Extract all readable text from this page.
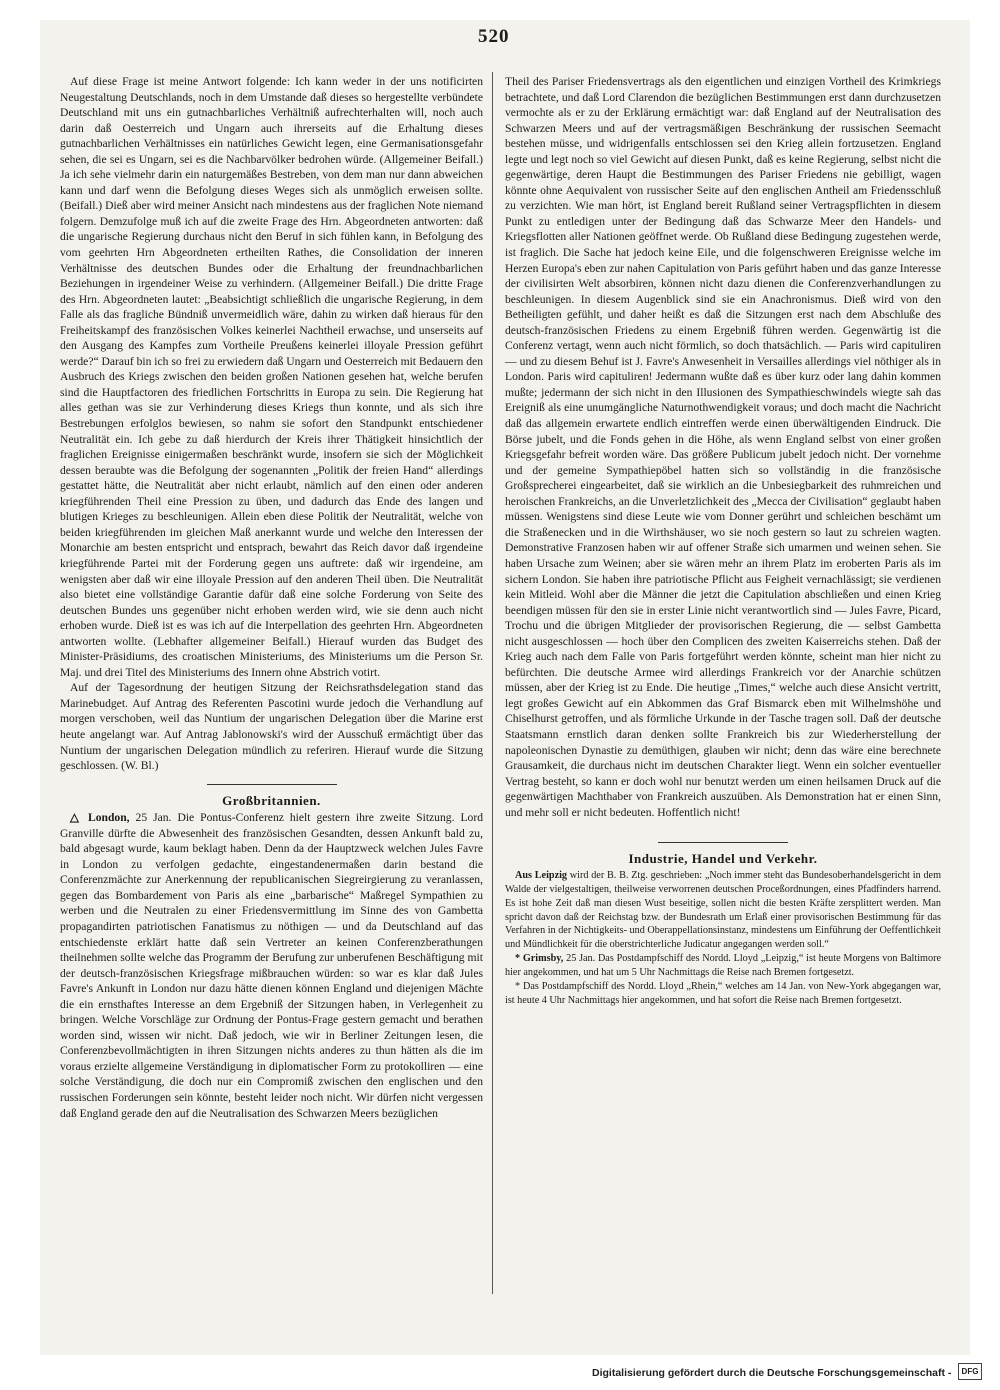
520

Auf diese Frage ist meine Antwort folgende: Ich kann weder in der uns notificirten Neugestaltung Deutschlands, noch in dem Umstande daß dieses so hergestellte verbündete Deutschland mit uns ein gutnachbarliches Verhältniß aufrechterhalten will, noch auch darin daß Oesterreich und Ungarn auch ihrerseits auf die Erhaltung dieses gutnachbarlichen Verhältnisses ein natürliches Gewicht legen, eine Germanisationsgefahr sehen, die sei es Ungarn, sei es die Nachbarvölker bedrohen würde. (Allgemeiner Beifall.) Ja ich sehe vielmehr darin ein naturgemäßes Bestreben, von dem man nur dann abweichen kann und darf wenn die Befolgung dieses Weges sich als unmöglich erweisen sollte. (Beifall.) Dieß aber wird meiner Ansicht nach mindestens aus der fraglichen Note niemand folgern. Demzufolge muß ich auf die zweite Frage des Hrn. Abgeordneten antworten: daß die ungarische Regierung durchaus nicht den Beruf in sich fühlen kann, in Befolgung des vom geehrten Hrn Abgeordneten ertheilten Rathes, die Consolidation der inneren Verhältnisse des deutschen Bundes oder die Erhaltung der freundnachbarlichen Beziehungen in irgendeiner Weise zu verhindern. (Allgemeiner Beifall.) Die dritte Frage des Hrn. Abgeordneten lautet: „Beabsichtigt schließlich die ungarische Regierung, in dem Falle als das fragliche Bündniß unvermeidlich wäre, dahin zu wirken daß hieraus für den Freiheitskampf des französischen Volkes keinerlei Nachtheil erwachse, und unserseits auf den Ausgang des Kampfes zum Vortheile Preußens keinerlei illoyale Pression geführt werde?“ Darauf bin ich so frei zu erwiedern daß Ungarn und Oesterreich mit Bedauern den Ausbruch des Kriegs zwischen den beiden großen Nationen gesehen hat, welche berufen sind die Hauptfactoren des friedlichen Fortschritts in Europa zu sein. Die Regierung hat alles gethan was sie zur Verhinderung dieses Kriegs thun konnte, und als sich ihre Bestrebungen erfolglos bewiesen, so nahm sie sofort den Standpunkt entschiedener Neutralität ein. Ich gebe zu daß hierdurch der Kreis ihrer Thätigkeit hinsichtlich der fraglichen Ereignisse einigermaßen beschränkt wurde, insofern sie sich der Möglichkeit dessen beraubte was die Befolgung der sogenannten „Politik der freien Hand“ allerdings gestattet hätte, die Neutralität aber nicht erlaubt, nämlich auf den einen oder anderen kriegführenden Theil eine Pression zu üben, und dadurch das Ende des langen und blutigen Krieges zu beschleunigen. Allein eben diese Politik der Neutralität, welche von beiden kriegführenden im gleichen Maß anerkannt wurde und welche den Interessen der Monarchie am besten entspricht und entsprach, bewahrt das Reich davor daß irgendeine kriegführende Partei mit der Forderung gegen uns auftrete: daß wir irgendeine, am wenigsten aber daß wir eine illoyale Pression auf den anderen Theil üben. Die Neutralität also bietet eine vollständige Garantie dafür daß eine solche Forderung von Seite des deutschen Bundes uns gegenüber nicht erhoben werden wird, wie sie denn auch nicht erhoben wurde. Dieß ist es was ich auf die Interpellation des geehrten Hrn. Abgeordneten antworten wollte. (Lebhafter allgemeiner Beifall.) Hierauf wurden das Budget des Minister-Präsidiums, des croatischen Ministeriums, des Ministeriums um die Person Sr. Maj. und drei Titel des Ministeriums des Innern ohne Abstrich votirt.

Auf der Tagesordnung der heutigen Sitzung der Reichsrathsdelegation stand das Marinebudget. Auf Antrag des Referenten Pascotini wurde jedoch die Verhandlung auf morgen verschoben, weil das Nuntium der ungarischen Delegation über die Marine erst heute angelangt war. Auf Antrag Jablonowski's wird der Ausschuß ermächtigt über das Nuntium der ungarischen Delegation mündlich zu referiren. Hierauf wurde die Sitzung geschlossen. (W. Bl.)

Großbritannien.

△ London, 25 Jan. Die Pontus-Conferenz hielt gestern ihre zweite Sitzung. Lord Granville dürfte die Abwesenheit des französischen Gesandten, dessen Ankunft bald zu, bald abgesagt wurde, kaum beklagt haben. Denn da der Hauptzweck welchen Jules Favre in London zu verfolgen gedachte, eingestandenermaßen darin bestand die Conferenzmächte zur Anerkennung der republicanischen Siegreirgierung zu veranlassen, gegen das Bombardement von Paris als eine „barbarische“ Maßregel Sympathien zu werben und die Neutralen zu einer Friedensvermittlung im Sinne des von Gambetta propagandirten patriotischen Fanatismus zu nöthigen — und da Deutschland auf das entschiedenste erklärt hatte daß sein Vertreter an keinen Conferenzberathungen theilnehmen sollte welche das Programm der Berufung zur unberufenen Beschäftigung mit der deutsch-französischen Kriegsfrage mißbrauchen würden: so war es klar daß Jules Favre's Ankunft in London nur dazu hätte dienen können England und diejenigen Mächte die ein ernsthaftes Interesse an dem Ergebniß der Sitzungen haben, in Verlegenheit zu bringen. Welche Vorschläge zur Ordnung der Pontus-Frage gestern gemacht und berathen worden sind, wissen wir nicht. Daß jedoch, wie wir in Berliner Zeitungen lesen, die Conferenzbevollmächtigten in ihren Sitzungen nichts anderes zu thun hätten als die im voraus erzielte allgemeine Verständigung in diplomatischer Form zu protokolliren — eine solche Verständigung, die doch nur ein Compromiß zwischen den englischen und den russischen Forderungen sein könnte, besteht leider noch nicht. Wir dürfen nicht vergessen daß England gerade den auf die Neutralisation des Schwarzen Meers bezüglichen

Theil des Pariser Friedensvertrags als den eigentlichen und einzigen Vortheil des Krimkriegs betrachtete, und daß Lord Clarendon die bezüglichen Bestimmungen erst dann durchzusetzen vermochte als er zu der Erklärung ermächtigt war: daß England auf der Neutralisation des Schwarzen Meers und auf der vertragsmäßigen Beschränkung der russischen Seemacht bestehen müsse, und widrigenfalls entschlossen sei den Krieg allein fortzusetzen. England legte und legt noch so viel Gewicht auf diesen Punkt, daß es keine Regierung, selbst nicht die gegenwärtige, deren Haupt die Bestimmungen des Pariser Friedens nie gebilligt, wagen könnte ohne Aequivalent von russischer Seite auf den englischen Antheil am Friedensschluß zu verzichten. Wie man hört, ist England bereit Rußland seiner Vertragspflichten in diesem Punkt zu entledigen unter der Bedingung daß das Schwarze Meer den Handels- und Kriegsflotten aller Nationen geöffnet werde. Ob Rußland diese Bedingung zugestehen werde, ist fraglich. Die Sache hat jedoch keine Eile, und die folgenschweren Ereignisse welche im Herzen Europa's eben zur nahen Capitulation von Paris geführt haben und das ganze Interesse der civilisirten Welt absorbiren, können nicht dazu dienen die Conferenzverhandlungen zu beschleunigen. In diesem Augenblick sind sie ein Anachronismus. Dieß wird von den Betheiligten gefühlt, und daher heißt es daß die Sitzungen erst nach dem Abschluße des deutsch-französischen Friedens zu einem Ergebniß führen werden. Gegenwärtig ist die Conferenz vertagt, wenn auch nicht förmlich, so doch thatsächlich. — Paris wird capituliren — und zu diesem Behuf ist J. Favre's Anwesenheit in Versailles allerdings viel nöthiger als in London. Paris wird capituliren! Jedermann wußte daß es über kurz oder lang dahin kommen mußte; jedermann der sich nicht in den Illusionen des Sympathieschwindels wiegte sah das Ereigniß als eine unumgängliche Naturnothwendigkeit voraus; und doch macht die Nachricht daß das allgemein erwartete endlich eintreffen werde einen überwältigenden Eindruck. Die Börse jubelt, und die Fonds gehen in die Höhe, als wenn England selbst von einer großen Kriegsgefahr befreit worden wäre. Das größere Publicum jubelt jedoch nicht. Der vornehme und der gemeine Sympathiepöbel hatten sich so vollständig in die französische Großsprecherei eingearbeitet, daß sie wirklich an die Unbesiegbarkeit des ruhmreichen und heroischen Frankreichs, an die Unverletzlichkeit des „Mecca der Civilisation“ geglaubt haben müssen. Wenigstens sind diese Leute wie vom Donner gerührt und schleichen beschämt um die Straßenecken und in die Wirthshäuser, wo sie noch gestern so laut zu schreien wagten. Demonstrative Franzosen haben wir auf offener Straße sich umarmen und weinen sehen. Sie haben Ursache zum Weinen; aber sie wären mehr an ihrem Platz im eroberten Paris als im sichern London. Sie haben ihre patriotische Pflicht aus Feigheit vernachlässigt; sie verdienen kein Mitleid. Wohl aber die Männer die jetzt die Capitulation abschließen und einen Krieg beendigen müssen für den sie in erster Linie nicht verantwortlich sind — Jules Favre, Picard, Trochu und die übrigen Mitglieder der provisorischen Regierung, die — selbst Gambetta nicht ausgeschlossen — hoch über den Complicen des zweiten Kaiserreichs stehen. Daß der Krieg auch nach dem Falle von Paris fortgeführt werden könnte, scheint man hier nicht zu befürchten. Die deutsche Armee wird allerdings Frankreich vor der Anarchie schützen müssen, aber der Krieg ist zu Ende. Die heutige „Times,“ welche auch diese Ansicht vertritt, legt großes Gewicht auf ein Abkommen das Graf Bismarck eben mit Wilhelmshöhe und Chiselhurst getroffen, und als förmliche Urkunde in der Tasche tragen soll. Daß der deutsche Staatsmann ernstlich daran denken sollte Frankreich bis zur Wiederherstellung der napoleonischen Dynastie zu demüthigen, glauben wir nicht; denn das wäre eine berechnete Grausamkeit, die durchaus nicht im deutschen Charakter liegt. Wenn ein solcher eventueller Vertrag besteht, so kann er doch wohl nur benutzt werden um einen heilsamen Druck auf die gegenwärtigen Machthaber von Frankreich auszuüben. Als Demonstration hat er einen Sinn, und mehr soll er nicht bedeuten. Hoffentlich nicht!

Industrie, Handel und Verkehr.

Aus Leipzig wird der B. B. Ztg. geschrieben: „Noch immer steht das Bundesoberhandelsgericht in dem Walde der vielgestaltigen, theilweise verworrenen deutschen Proceßordnungen, eines Pfadfinders harrend. Es ist hohe Zeit daß man diesen Wust beseitige, sollen nicht die besten Kräfte zersplittert werden. Man spricht davon daß der Reichstag bzw. der Bundesrath um Erlaß einer provisorischen Bestimmung für das Verfahren in der Nichtigkeits- und Oberappellationsinstanz, mindestens um Einführung der Oeffentlichkeit und Mündlichkeit für die oberstrichterliche Judicatur angegangen werden soll.“

* Grimsby, 25 Jan. Das Postdampfschiff des Nordd. Lloyd „Leipzig,“ ist heute Morgens von Baltimore hier angekommen, und hat um 5 Uhr Nachmittags die Reise nach Bremen fortgesetzt.

* Das Postdampfschiff des Nordd. Lloyd „Rhein,“ welches am 14 Jan. von New-York abgegangen war, ist heute 4 Uhr Nachmittags hier angekommen, und hat sofort die Reise nach Bremen fortgesetzt.

Digitalisierung gefördert durch die Deutsche Forschungsgemeinschaft -	DFG
